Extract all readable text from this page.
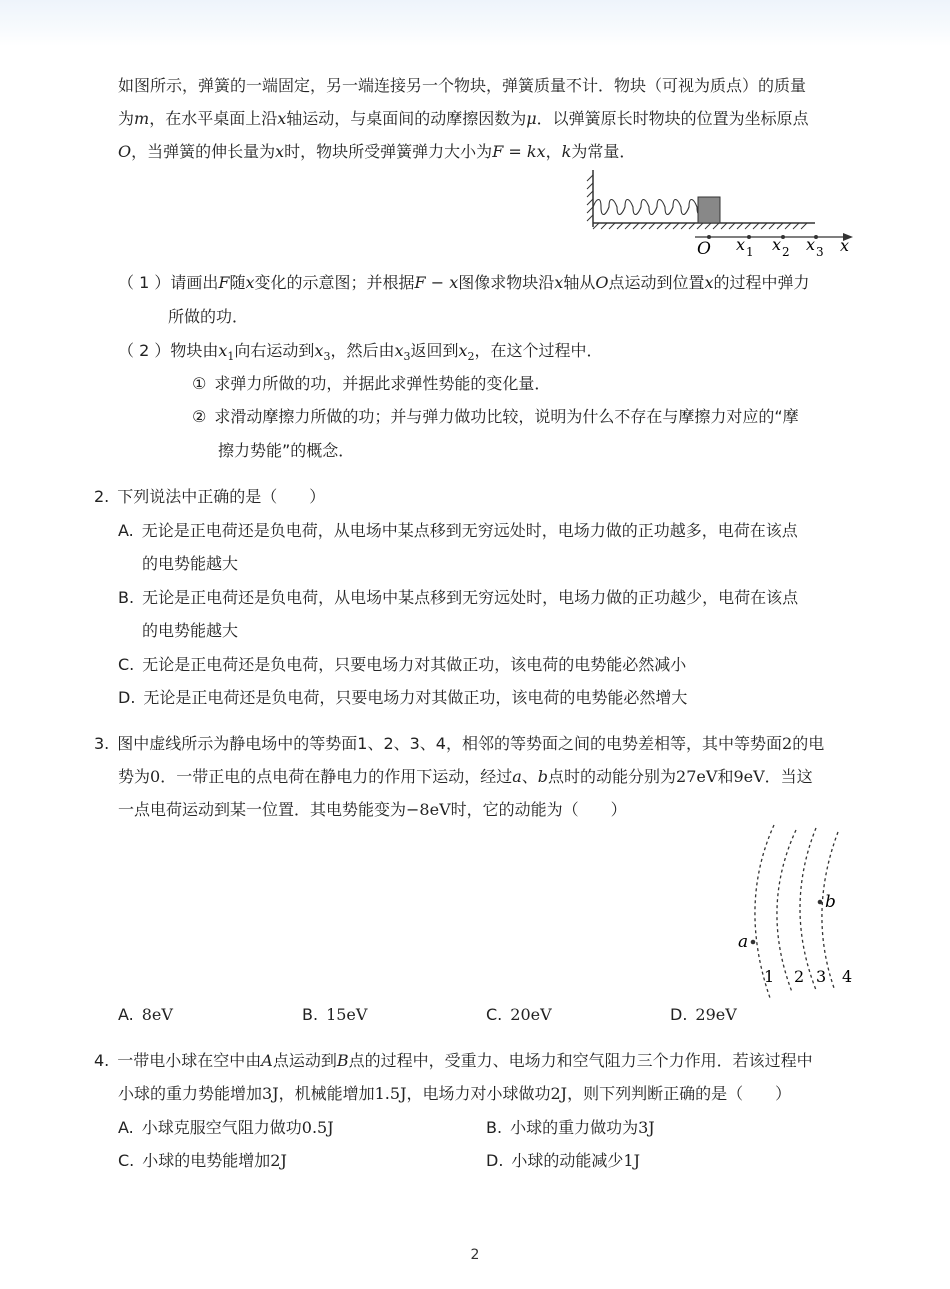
如图所示，弹簧的一端固定，另一端连接另一个物块，弹簧质量不计．物块（可视为质点）的质量
为m，在水平桌面上沿x轴运动，与桌面间的动摩擦因数为μ．以弹簧原长时物块的位置为坐标原点
O，当弹簧的伸长量为x时，物块所受弹簧弹力大小为F = kx，k为常量．
O x 1 x 2 x 3 x
（ 1 ）请画出F随x变化的示意图；并根据F − x图像求物块沿x轴从O点运动到位置x的过程中弹力
所做的功．
（ 2 ）物块由$x_1$向右运动到$x_3$，然后由$x_3$返回到$x_2$，在这个过程中．
① 求弹力所做的功，并据此求弹性势能的变化量．
② 求滑动摩擦力所做的功；并与弹力做功比较，说明为什么不存在与摩擦力对应的“摩
擦力势能”的概念．
2. 下列说法中正确的是（　　）
A. 无论是正电荷还是负电荷，从电场中某点移到无穷远处时，电场力做的正功越多，电荷在该点
的电势能越大
B. 无论是正电荷还是负电荷，从电场中某点移到无穷远处时，电场力做的正功越少，电荷在该点
的电势能越大
C. 无论是正电荷还是负电荷，只要电场力对其做正功，该电荷的电势能必然减小
D. 无论是正电荷还是负电荷，只要电场力对其做正功，该电荷的电势能必然增大
3. 图中虚线所示为静电场中的等势面1、2、3、4，相邻的等势面之间的电势差相等，其中等势面2的电
势为0．一带正电的点电荷在静电力的作用下运动，经过a、b点时的动能分别为27eV和9eV．当这
一点电荷运动到某一位置．其电势能变为−8eV时，它的动能为（　　）
a
b
1 2 3 4
A. 8eV	B. 15eV	C. 20eV	D. 29eV
4. 一带电小球在空中由A点运动到B点的过程中，受重力、电场力和空气阻力三个力作用．若该过程中
小球的重力势能增加3J，机械能增加1.5J，电场力对小球做功2J，则下列判断正确的是（　　）
A. 小球克服空气阻力做功0.5J	B. 小球的重力做功为3J
C. 小球的电势能增加2J	D. 小球的动能减少1J
2
